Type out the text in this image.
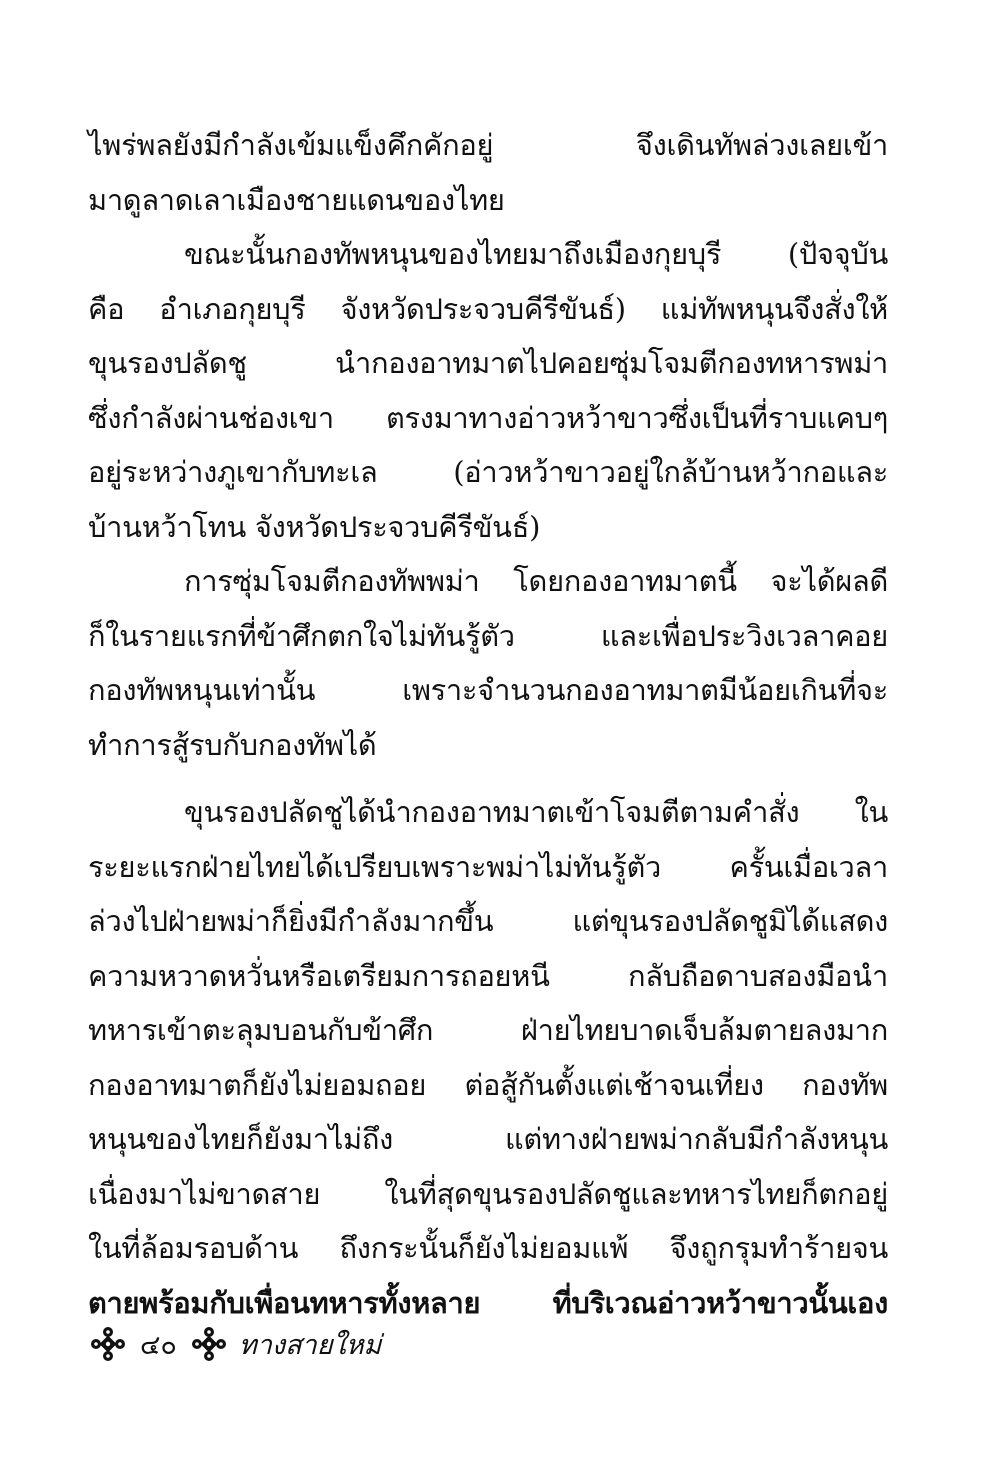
ไพร่พลยังมีกำลังเข้มแข็งคึกคักอยู่ จึงเดินทัพล่วงเลยเข้า
มาดูลาดเลาเมืองชายแดนของไทย
ขณะนั้นกองทัพหนุนของไทยมาถึงเมืองกุยบุรี (ปัจจุบัน
คือ อำเภอกุยบุรี จังหวัดประจวบคีรีขันธ์) แม่ทัพหนุนจึงสั่งให้
ขุนรองปลัดชู นำกองอาทมาตไปคอยซุ่มโจมตีกองทหารพม่า
ซึ่งกำลังผ่านช่องเขา ตรงมาทางอ่าวหว้าขาวซึ่งเป็นที่ราบแคบๆ
อยู่ระหว่างภูเขากับทะเล (อ่าวหว้าขาวอยู่ใกล้บ้านหว้ากอและ
บ้านหว้าโทน จังหวัดประจวบคีรีขันธ์)
การซุ่มโจมตีกองทัพพม่า โดยกองอาทมาตนี้ จะได้ผลดี
ก็ในรายแรกที่ข้าศึกตกใจไม่ทันรู้ตัว และเพื่อประวิงเวลาคอย
กองทัพหนุนเท่านั้น เพราะจำนวนกองอาทมาตมีน้อยเกินที่จะ
ทำการสู้รบกับกองทัพได้
ขุนรองปลัดชูได้นำกองอาทมาตเข้าโจมตีตามคำสั่ง ใน
ระยะแรกฝ่ายไทยได้เปรียบเพราะพม่าไม่ทันรู้ตัว ครั้นเมื่อเวลา
ล่วงไปฝ่ายพม่าก็ยิ่งมีกำลังมากขึ้น แต่ขุนรองปลัดชูมิได้แสดง
ความหวาดหวั่นหรือเตรียมการถอยหนี กลับถือดาบสองมือนำ
ทหารเข้าตะลุมบอนกับข้าศึก ฝ่ายไทยบาดเจ็บล้มตายลงมาก
กองอาทมาตก็ยังไม่ยอมถอย ต่อสู้กันตั้งแต่เช้าจนเที่ยง กองทัพ
หนุนของไทยก็ยังมาไม่ถึง แต่ทางฝ่ายพม่ากลับมีกำลังหนุน
เนื่องมาไม่ขาดสาย ในที่สุดขุนรองปลัดชูและทหารไทยก็ตกอยู่
ในที่ล้อมรอบด้าน ถึงกระนั้นก็ยังไม่ยอมแพ้ จึงถูกรุมทำร้ายจน
ตายพร้อมกับเพื่อนทหารทั้งหลาย ที่บริเวณอ่าวหว้าขาวนั้นเอง
๔๐ ทางสายใหม่
